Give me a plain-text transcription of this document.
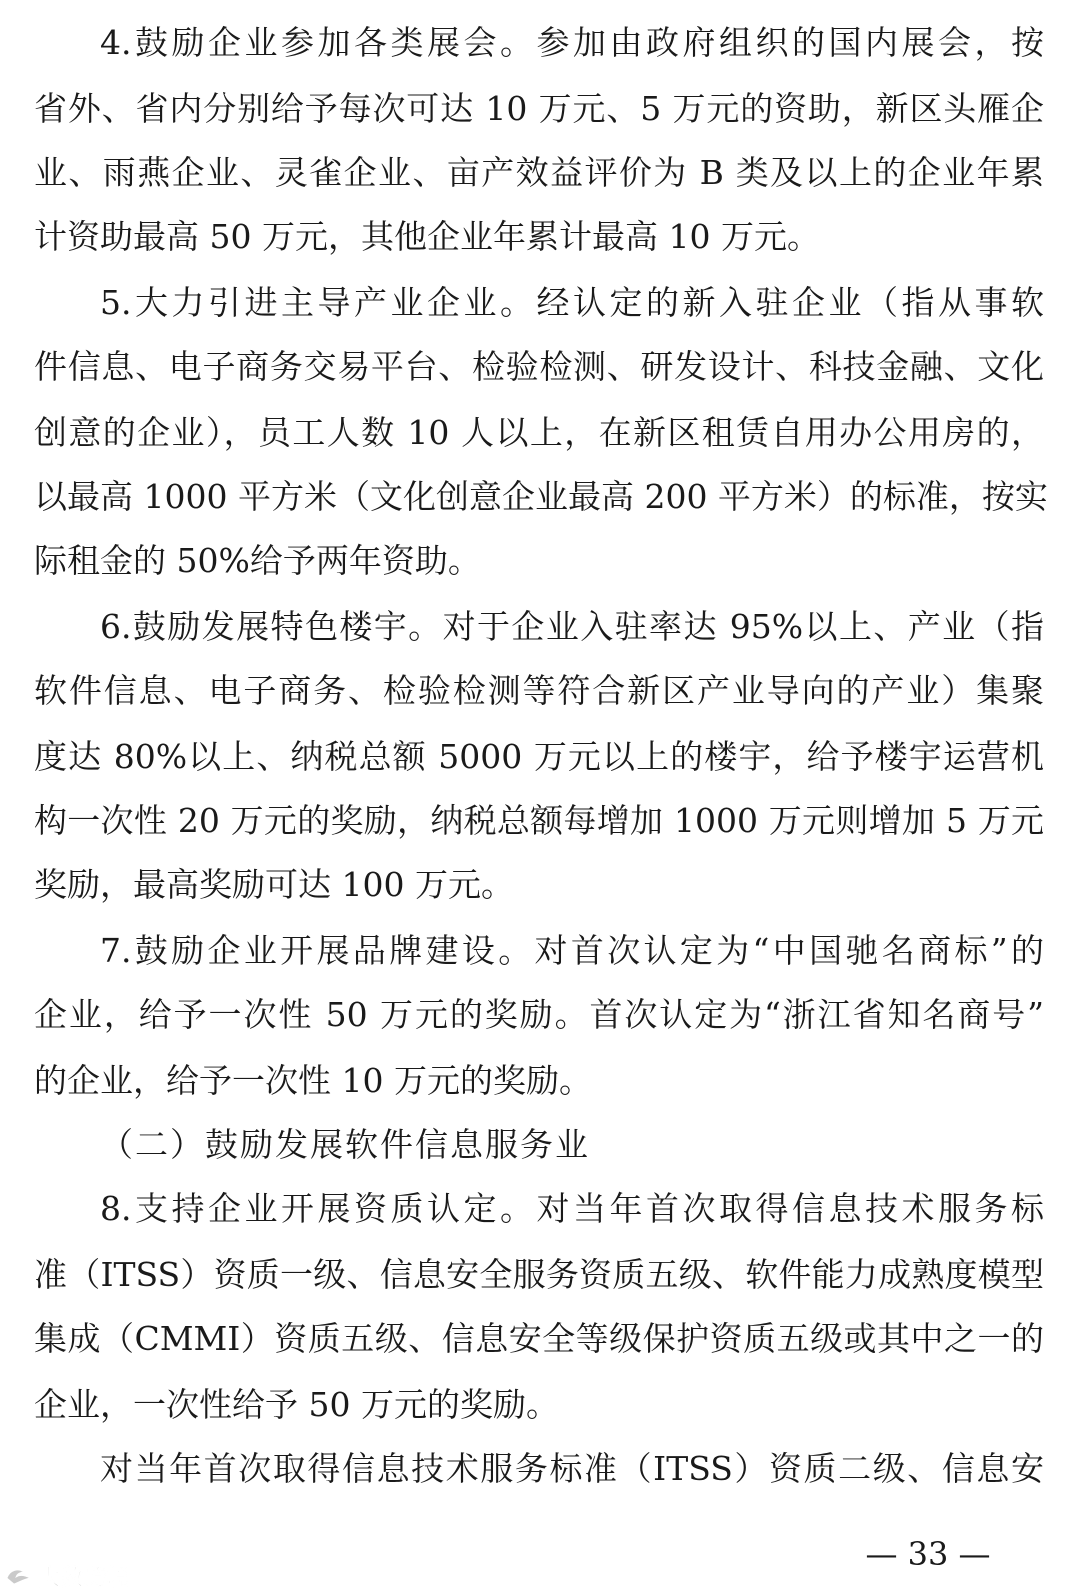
4.鼓励企业参加各类展会。参加由政府组织的国内展会，按
省外、省内分别给予每次可达 10 万元、5 万元的资助，新区头雁企
业、雨燕企业、灵雀企业、亩产效益评价为 B 类及以上的企业年累
计资助最高 50 万元，其他企业年累计最高 10 万元。
5.大力引进主导产业企业。经认定的新入驻企业（指从事软
件信息、电子商务交易平台、检验检测、研发设计、科技金融、文化
创意的企业），员工人数 10 人以上，在新区租赁自用办公用房的，
以最高 1000 平方米（文化创意企业最高 200 平方米）的标准，按实
际租金的 50%给予两年资助。
6.鼓励发展特色楼宇。对于企业入驻率达 95%以上、产业（指
软件信息、电子商务、检验检测等符合新区产业导向的产业）集聚
度达 80%以上、纳税总额 5000 万元以上的楼宇，给予楼宇运营机
构一次性 20 万元的奖励，纳税总额每增加 1000 万元则增加 5 万元
奖励，最高奖励可达 100 万元。
7.鼓励企业开展品牌建设。对首次认定为“中国驰名商标”的
企业，给予一次性 50 万元的奖励。首次认定为“浙江省知名商号”
的企业，给予一次性 10 万元的奖励。
（二）鼓励发展软件信息服务业
8.支持企业开展资质认定。对当年首次取得信息技术服务标
准（ITSS）资质一级、信息安全服务资质五级、软件能力成熟度模型
集成（CMMI）资质五级、信息安全等级保护资质五级或其中之一的
企业，一次性给予 50 万元的奖励。
对当年首次取得信息技术服务标准（ITSS）资质二级、信息安
— 33 —
大数跨境
